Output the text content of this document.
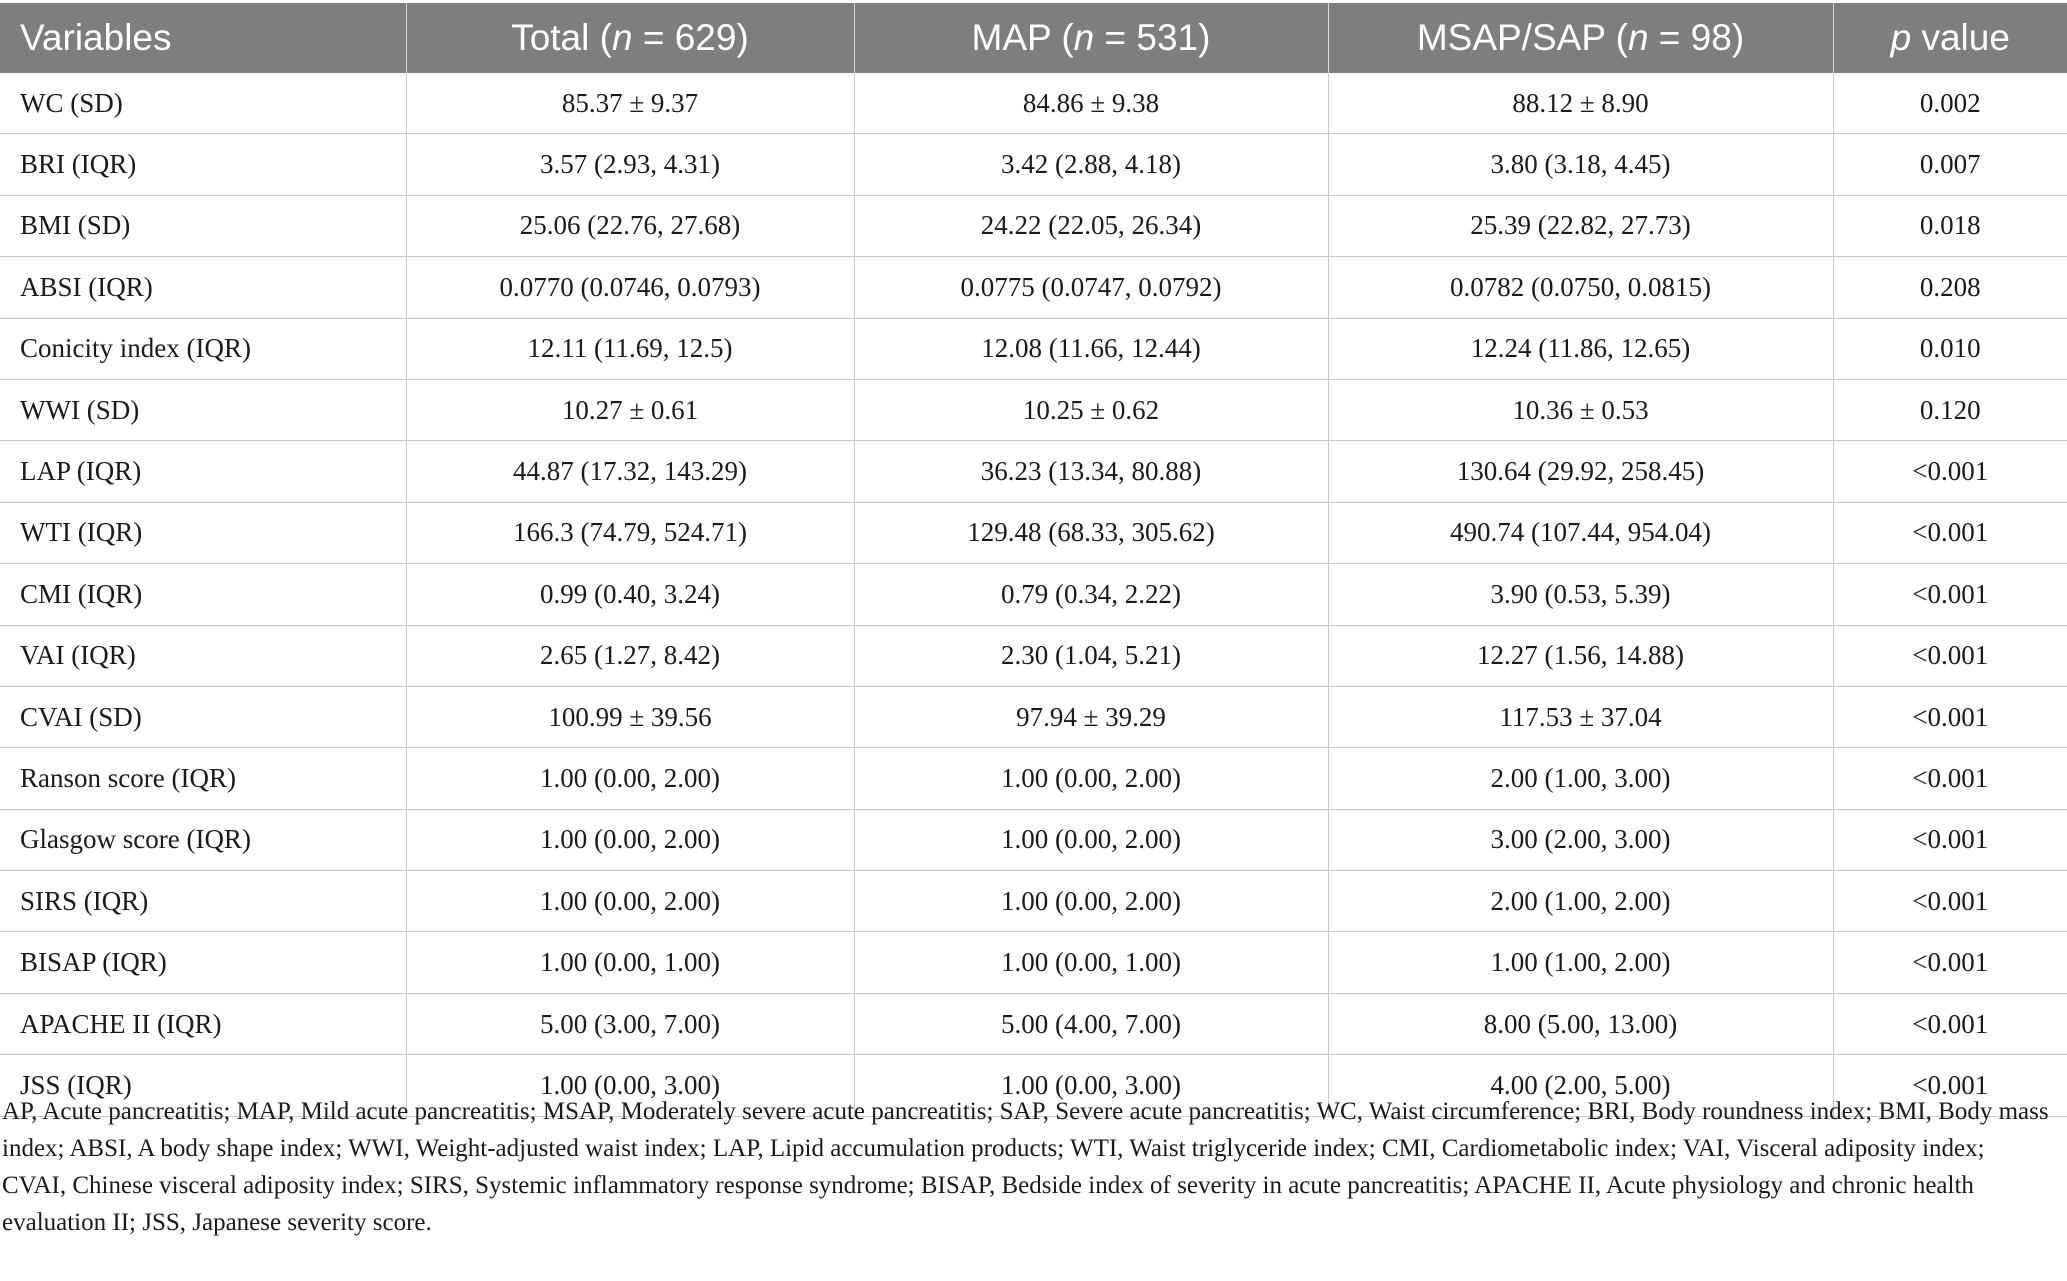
Variables	Total (n = 629)	MAP (n = 531)	MSAP/SAP (n = 98)	p value
WC (SD)	85.37 ± 9.37	84.86 ± 9.38	88.12 ± 8.90	0.002
BRI (IQR)	3.57 (2.93, 4.31)	3.42 (2.88, 4.18)	3.80 (3.18, 4.45)	0.007
BMI (SD)	25.06 (22.76, 27.68)	24.22 (22.05, 26.34)	25.39 (22.82, 27.73)	0.018
ABSI (IQR)	0.0770 (0.0746, 0.0793)	0.0775 (0.0747, 0.0792)	0.0782 (0.0750, 0.0815)	0.208
Conicity index (IQR)	12.11 (11.69, 12.5)	12.08 (11.66, 12.44)	12.24 (11.86, 12.65)	0.010
WWI (SD)	10.27 ± 0.61	10.25 ± 0.62	10.36 ± 0.53	0.120
LAP (IQR)	44.87 (17.32, 143.29)	36.23 (13.34, 80.88)	130.64 (29.92, 258.45)	<0.001
WTI (IQR)	166.3 (74.79, 524.71)	129.48 (68.33, 305.62)	490.74 (107.44, 954.04)	<0.001
CMI (IQR)	0.99 (0.40, 3.24)	0.79 (0.34, 2.22)	3.90 (0.53, 5.39)	<0.001
VAI (IQR)	2.65 (1.27, 8.42)	2.30 (1.04, 5.21)	12.27 (1.56, 14.88)	<0.001
CVAI (SD)	100.99 ± 39.56	97.94 ± 39.29	117.53 ± 37.04	<0.001
Ranson score (IQR)	1.00 (0.00, 2.00)	1.00 (0.00, 2.00)	2.00 (1.00, 3.00)	<0.001
Glasgow score (IQR)	1.00 (0.00, 2.00)	1.00 (0.00, 2.00)	3.00 (2.00, 3.00)	<0.001
SIRS (IQR)	1.00 (0.00, 2.00)	1.00 (0.00, 2.00)	2.00 (1.00, 2.00)	<0.001
BISAP (IQR)	1.00 (0.00, 1.00)	1.00 (0.00, 1.00)	1.00 (1.00, 2.00)	<0.001
APACHE II (IQR)	5.00 (3.00, 7.00)	5.00 (4.00, 7.00)	8.00 (5.00, 13.00)	<0.001
JSS (IQR)	1.00 (0.00, 3.00)	1.00 (0.00, 3.00)	4.00 (2.00, 5.00)	<0.001
AP, Acute pancreatitis; MAP, Mild acute pancreatitis; MSAP, Moderately severe acute pancreatitis; SAP, Severe acute pancreatitis; WC, Waist circumference; BRI, Body roundness index; BMI, Body mass index; ABSI, A body shape index; WWI, Weight-adjusted waist index; LAP, Lipid accumulation products; WTI, Waist triglyceride index; CMI, Cardiometabolic index; VAI, Visceral adiposity index; CVAI, Chinese visceral adiposity index; SIRS, Systemic inflammatory response syndrome; BISAP, Bedside index of severity in acute pancreatitis; APACHE II, Acute physiology and chronic health evaluation II; JSS, Japanese severity score.
